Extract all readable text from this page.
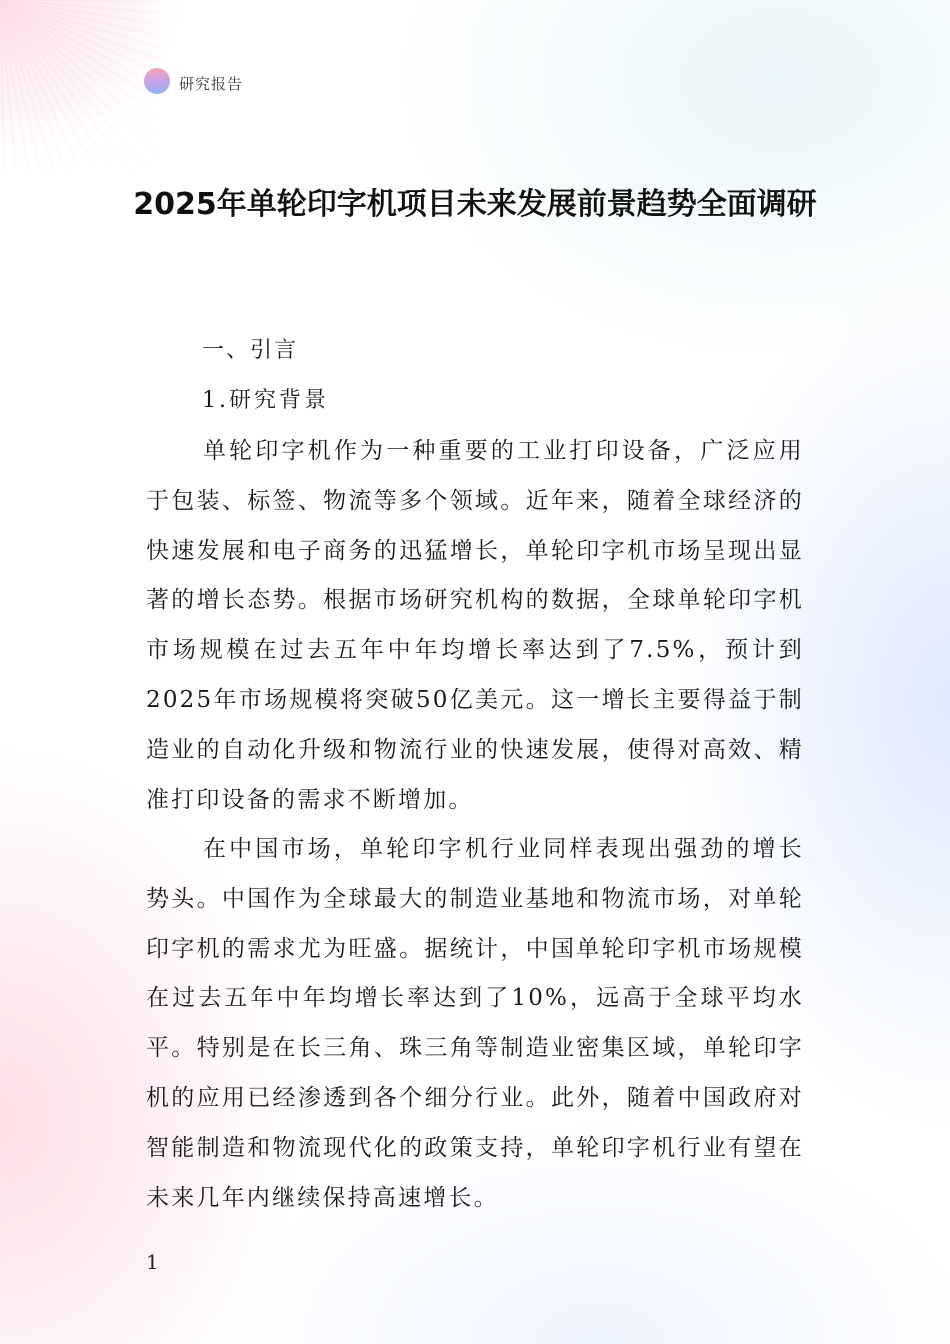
研究报告
2025年单轮印字机项目未来发展前景趋势全面调研
一、引言
1.研究背景

单轮印字机作为一种重要的工业打印设备，广泛应用于包装、标签、物流等多个领域。近年来，随着全球经济的快速发展和电子商务的迅猛增长，单轮印字机市场呈现出显著的增长态势。根据市场研究机构的数据，全球单轮印字机市场规模在过去五年中年均增长率达到了7.5%，预计到2025年市场规模将突破50亿美元。这一增长主要得益于制造业的自动化升级和物流行业的快速发展，使得对高效、精准打印设备的需求不断增加。

在中国市场，单轮印字机行业同样表现出强劲的增长势头。中国作为全球最大的制造业基地和物流市场，对单轮印字机的需求尤为旺盛。据统计，中国单轮印字机市场规模在过去五年中年均增长率达到了10%，远高于全球平均水平。特别是在长三角、珠三角等制造业密集区域，单轮印字机的应用已经渗透到各个细分行业。此外，随着中国政府对智能制造和物流现代化的政策支持，单轮印字机行业有望在未来几年内继续保持高速增长。

1
